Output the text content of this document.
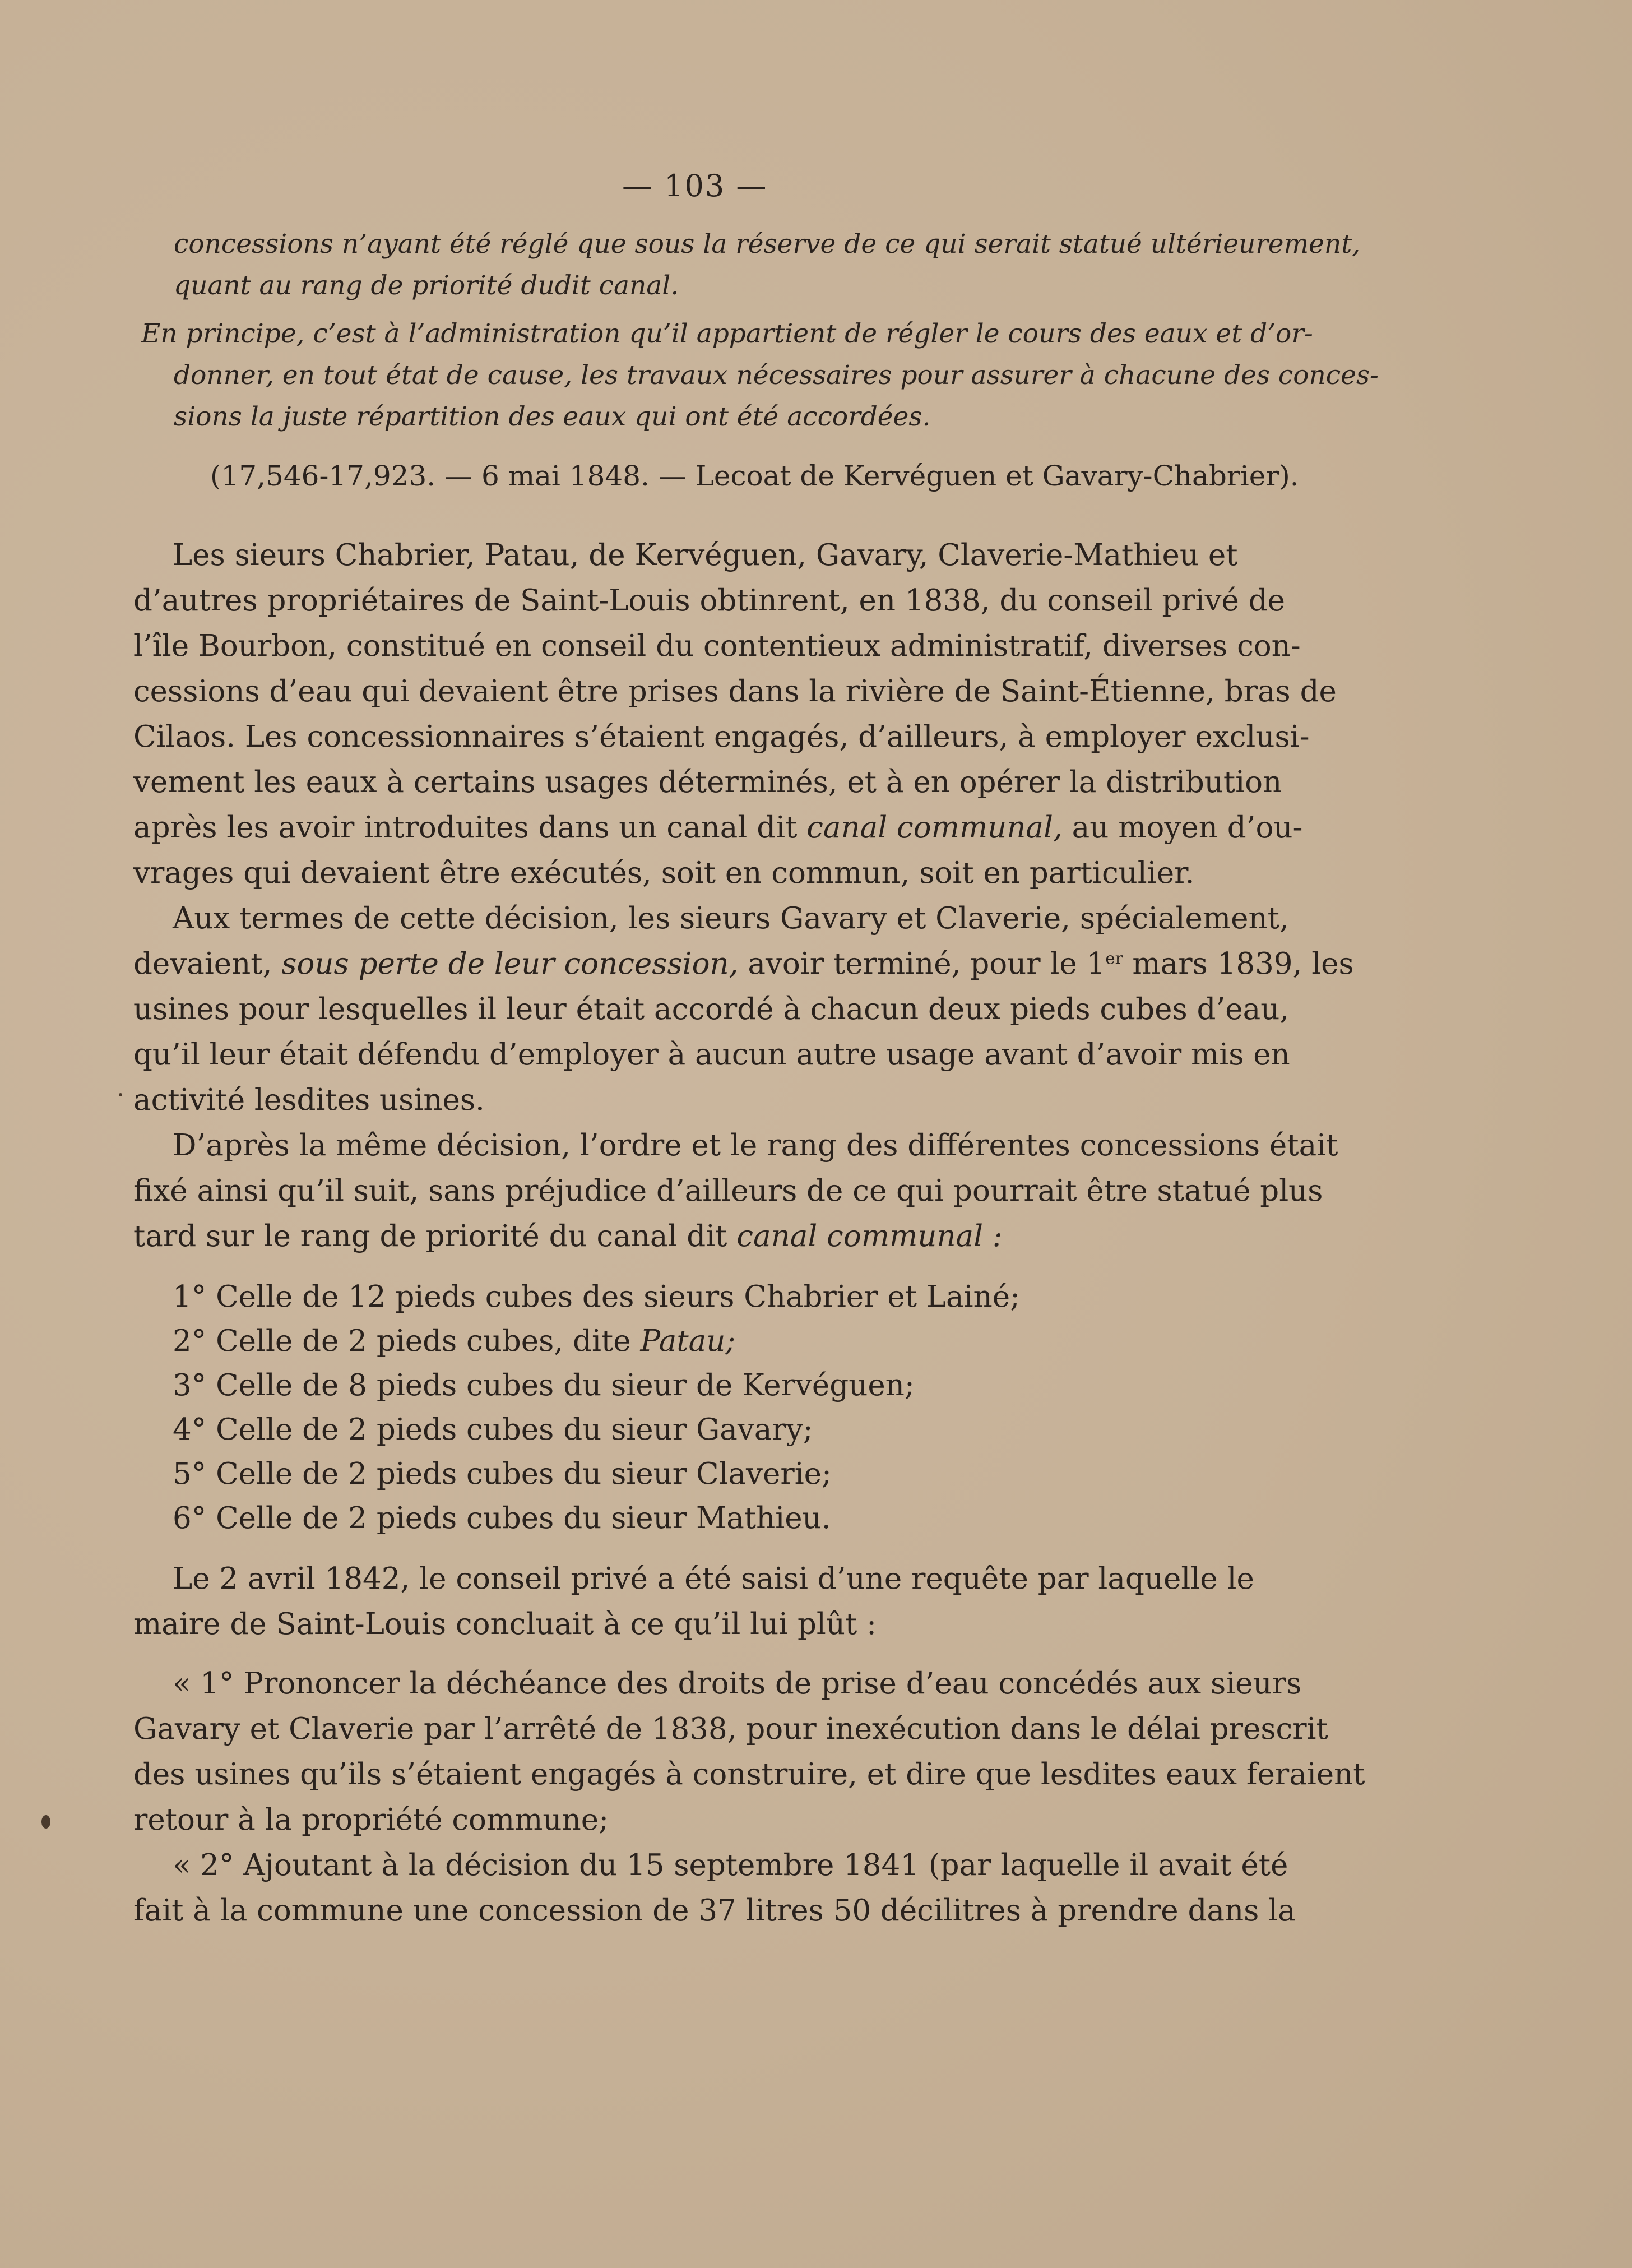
— 103 —
concessions n’ayant été réglé que sous la réserve de ce qui serait statué ultérieurement,
quant au rang de priorité dudit canal.
En principe, c’est à l’administration qu’il appartient de régler le cours des eaux et d’or-
donner, en tout état de cause, les travaux nécessaires pour assurer à chacune des conces-
sions la juste répartition des eaux qui ont été accordées.
(17,546-17,923. — 6 mai 1848. — Lecoat de Kervéguen et Gavary-Chabrier).
Les sieurs Chabrier, Patau, de Kervéguen, Gavary, Claverie-Mathieu et
d’autres propriétaires de Saint-Louis obtinrent, en 1838, du conseil privé de
l’île Bourbon, constitué en conseil du contentieux administratif, diverses con-
cessions d’eau qui devaient être prises dans la rivière de Saint-Étienne, bras de
Cilaos. Les concessionnaires s’étaient engagés, d’ailleurs, à employer exclusi-
vement les eaux à certains usages déterminés, et à en opérer la distribution
après les avoir introduites dans un canal dit canal communal, au moyen d’ou-
vrages qui devaient être exécutés, soit en commun, soit en particulier.
Aux termes de cette décision, les sieurs Gavary et Claverie, spécialement,
devaient, sous perte de leur concession, avoir terminé, pour le 1er mars 1839, les
usines pour lesquelles il leur était accordé à chacun deux pieds cubes d’eau,
qu’il leur était défendu d’employer à aucun autre usage avant d’avoir mis en
activité lesdites usines.
D’après la même décision, l’ordre et le rang des différentes concessions était
fixé ainsi qu’il suit, sans préjudice d’ailleurs de ce qui pourrait être statué plus
tard sur le rang de priorité du canal dit canal communal :
1° Celle de 12 pieds cubes des sieurs Chabrier et Lainé;
2° Celle de 2 pieds cubes, dite Patau;
3° Celle de 8 pieds cubes du sieur de Kervéguen;
4° Celle de 2 pieds cubes du sieur Gavary;
5° Celle de 2 pieds cubes du sieur Claverie;
6° Celle de 2 pieds cubes du sieur Mathieu.
Le 2 avril 1842, le conseil privé a été saisi d’une requête par laquelle le
maire de Saint-Louis concluait à ce qu’il lui plût :
« 1° Prononcer la déchéance des droits de prise d’eau concédés aux sieurs
Gavary et Claverie par l’arrêté de 1838, pour inexécution dans le délai prescrit
des usines qu’ils s’étaient engagés à construire, et dire que lesdites eaux feraient
retour à la propriété commune;
« 2° Ajoutant à la décision du 15 septembre 1841 (par laquelle il avait été
fait à la commune une concession de 37 litres 50 décilitres à prendre dans la
